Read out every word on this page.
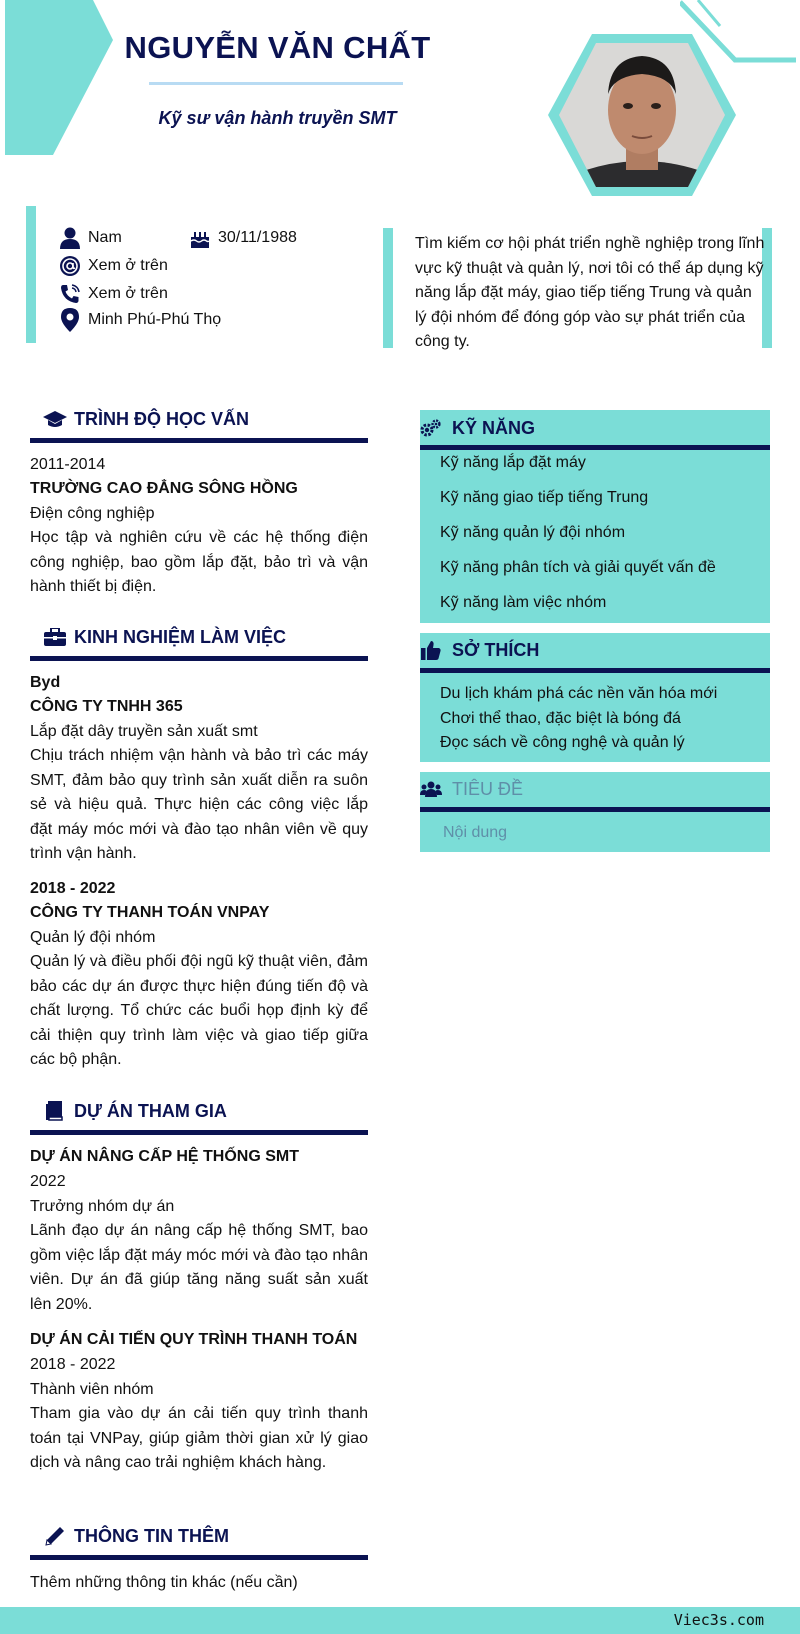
NGUYỄN VĂN CHẤT
Kỹ sư vận hành truyền SMT
Nam	30/11/1988
Xem ở trên
Xem ở trên
Minh Phú-Phú Thọ
Tìm kiếm cơ hội phát triển nghề nghiệp trong lĩnh vực kỹ thuật và quản lý, nơi tôi có thể áp dụng kỹ năng lắp đặt máy, giao tiếp tiếng Trung và quản lý đội nhóm để đóng góp vào sự phát triển của công ty.
TRÌNH ĐỘ HỌC VẤN
2011-2014
TRƯỜNG CAO ĐẲNG SÔNG HỒNG
Điện công nghiệp
Học tập và nghiên cứu về các hệ thống điện công nghiệp, bao gồm lắp đặt, bảo trì và vận hành thiết bị điện.
KINH NGHIỆM LÀM VIỆC
Byd
CÔNG TY TNHH 365
Lắp đặt dây truyền sản xuất smt
Chịu trách nhiệm vận hành và bảo trì các máy SMT, đảm bảo quy trình sản xuất diễn ra suôn sẻ và hiệu quả. Thực hiện các công việc lắp đặt máy móc mới và đào tạo nhân viên về quy trình vận hành.
2018 - 2022
CÔNG TY THANH TOÁN VNPAY
Quản lý đội nhóm
Quản lý và điều phối đội ngũ kỹ thuật viên, đảm bảo các dự án được thực hiện đúng tiến độ và chất lượng. Tổ chức các buổi họp định kỳ để cải thiện quy trình làm việc và giao tiếp giữa các bộ phận.
DỰ ÁN THAM GIA
DỰ ÁN NÂNG CẤP HỆ THỐNG SMT
2022
Trưởng nhóm dự án
Lãnh đạo dự án nâng cấp hệ thống SMT, bao gồm việc lắp đặt máy móc mới và đào tạo nhân viên. Dự án đã giúp tăng năng suất sản xuất lên 20%.
DỰ ÁN CẢI TIẾN QUY TRÌNH THANH TOÁN
2018 - 2022
Thành viên nhóm
Tham gia vào dự án cải tiến quy trình thanh toán tại VNPay, giúp giảm thời gian xử lý giao dịch và nâng cao trải nghiệm khách hàng.
THÔNG TIN THÊM
Thêm những thông tin khác (nếu cần)
KỸ NĂNG
Kỹ năng lắp đặt máy
Kỹ năng giao tiếp tiếng Trung
Kỹ năng quản lý đội nhóm
Kỹ năng phân tích và giải quyết vấn đề
Kỹ năng làm việc nhóm
SỞ THÍCH
Du lịch khám phá các nền văn hóa mới
Chơi thể thao, đặc biệt là bóng đá
Đọc sách về công nghệ và quản lý
TIÊU ĐỀ
Nội dung
Viec3s.com
